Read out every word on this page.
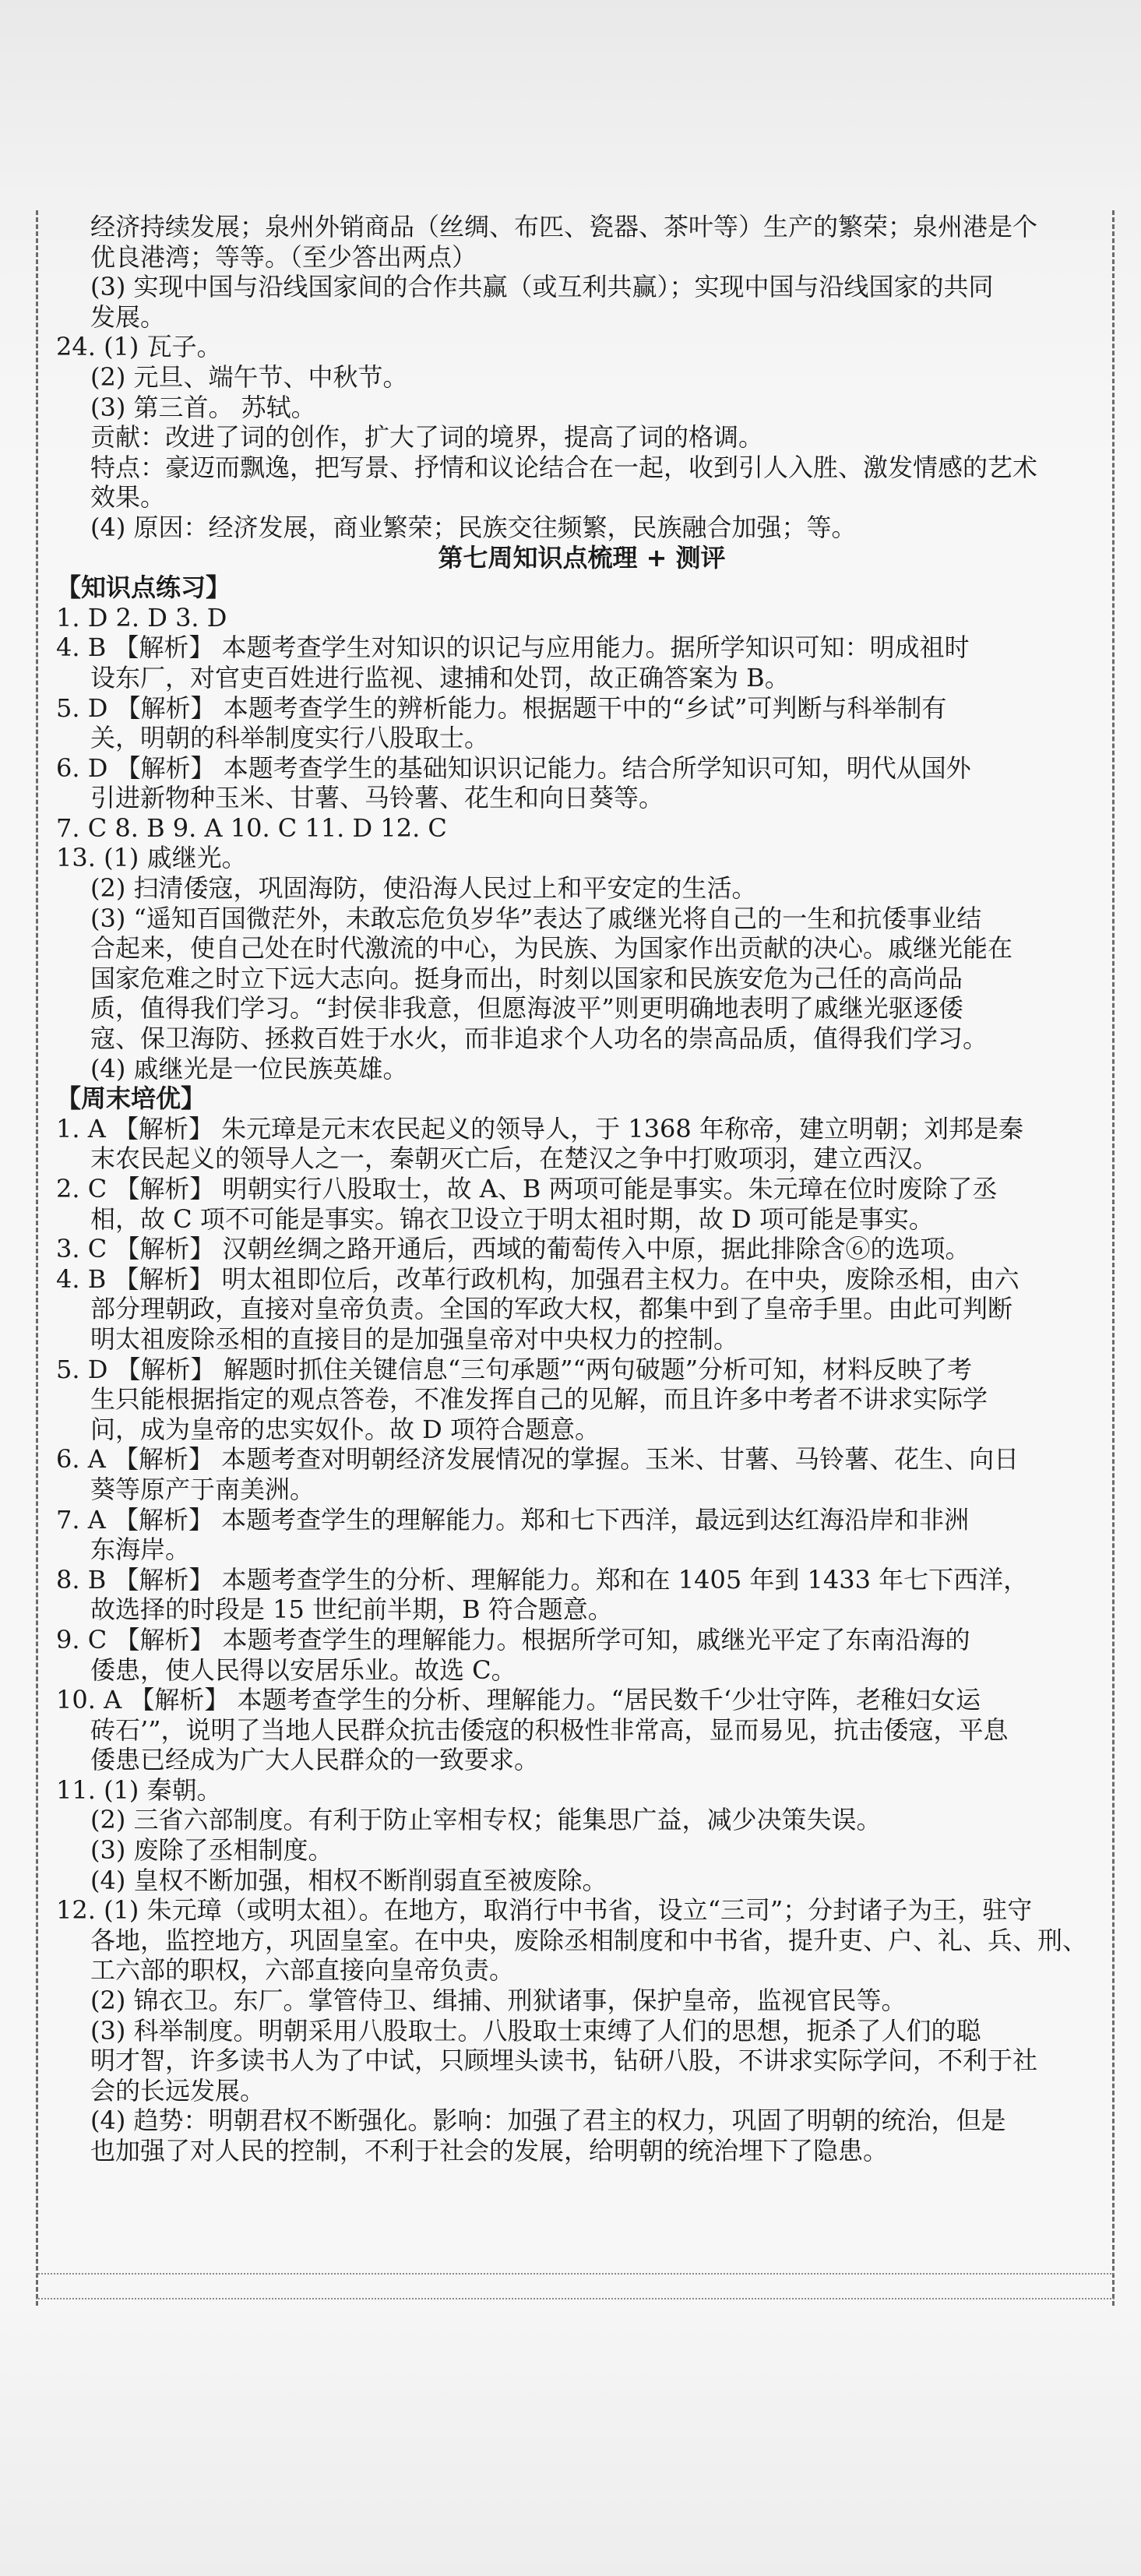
经济持续发展；泉州外销商品（丝绸、布匹、瓷器、茶叶等）生产的繁荣；泉州港是个
优良港湾；等等。（至少答出两点）
(3) 实现中国与沿线国家间的合作共赢（或互利共赢）；实现中国与沿线国家的共同
发展。
24. (1) 瓦子。
(2) 元旦、端午节、中秋节。
(3) 第三首。 苏轼。
贡献：改进了词的创作，扩大了词的境界，提高了词的格调。
特点：豪迈而飘逸，把写景、抒情和议论结合在一起，收到引人入胜、激发情感的艺术
效果。
(4) 原因：经济发展，商业繁荣；民族交往频繁，民族融合加强；等。
第七周知识点梳理 + 测评
【知识点练习】
1. D 2. D 3. D
4. B 【解析】 本题考查学生对知识的识记与应用能力。据所学知识可知：明成祖时
设东厂，对官吏百姓进行监视、逮捕和处罚，故正确答案为 B。
5. D 【解析】 本题考查学生的辨析能力。根据题干中的“乡试”可判断与科举制有
关，明朝的科举制度实行八股取士。
6. D 【解析】 本题考查学生的基础知识识记能力。结合所学知识可知，明代从国外
引进新物种玉米、甘薯、马铃薯、花生和向日葵等。
7. C 8. B 9. A 10. C 11. D 12. C
13. (1) 戚继光。
(2) 扫清倭寇，巩固海防，使沿海人民过上和平安定的生活。
(3) “遥知百国微茫外，未敢忘危负岁华”表达了戚继光将自己的一生和抗倭事业结
合起来，使自己处在时代激流的中心，为民族、为国家作出贡献的决心。戚继光能在
国家危难之时立下远大志向。挺身而出，时刻以国家和民族安危为己任的高尚品
质，值得我们学习。“封侯非我意，但愿海波平”则更明确地表明了戚继光驱逐倭
寇、保卫海防、拯救百姓于水火，而非追求个人功名的崇高品质，值得我们学习。
(4) 戚继光是一位民族英雄。
【周末培优】
1. A 【解析】 朱元璋是元末农民起义的领导人，于 1368 年称帝，建立明朝；刘邦是秦
末农民起义的领导人之一，秦朝灭亡后，在楚汉之争中打败项羽，建立西汉。
2. C 【解析】 明朝实行八股取士，故 A、B 两项可能是事实。朱元璋在位时废除了丞
相，故 C 项不可能是事实。锦衣卫设立于明太祖时期，故 D 项可能是事实。
3. C 【解析】 汉朝丝绸之路开通后，西域的葡萄传入中原，据此排除含⑥的选项。
4. B 【解析】 明太祖即位后，改革行政机构，加强君主权力。在中央，废除丞相，由六
部分理朝政，直接对皇帝负责。全国的军政大权，都集中到了皇帝手里。由此可判断
明太祖废除丞相的直接目的是加强皇帝对中央权力的控制。
5. D 【解析】 解题时抓住关键信息“三句承题”“两句破题”分析可知，材料反映了考
生只能根据指定的观点答卷，不准发挥自己的见解，而且许多中考者不讲求实际学
问，成为皇帝的忠实奴仆。故 D 项符合题意。
6. A 【解析】 本题考查对明朝经济发展情况的掌握。玉米、甘薯、马铃薯、花生、向日
葵等原产于南美洲。
7. A 【解析】 本题考查学生的理解能力。郑和七下西洋，最远到达红海沿岸和非洲
东海岸。
8. B 【解析】 本题考查学生的分析、理解能力。郑和在 1405 年到 1433 年七下西洋，
故选择的时段是 15 世纪前半期，B 符合题意。
9. C 【解析】 本题考查学生的理解能力。根据所学可知，戚继光平定了东南沿海的
倭患，使人民得以安居乐业。故选 C。
10. A 【解析】 本题考查学生的分析、理解能力。“居民数千‘少壮守阵，老稚妇女运
砖石’”，说明了当地人民群众抗击倭寇的积极性非常高，显而易见，抗击倭寇，平息
倭患已经成为广大人民群众的一致要求。
11. (1) 秦朝。
(2) 三省六部制度。有利于防止宰相专权；能集思广益，减少决策失误。
(3) 废除了丞相制度。
(4) 皇权不断加强，相权不断削弱直至被废除。
12. (1) 朱元璋（或明太祖）。在地方，取消行中书省，设立“三司”；分封诸子为王，驻守
各地，监控地方，巩固皇室。在中央，废除丞相制度和中书省，提升吏、户、礼、兵、刑、
工六部的职权，六部直接向皇帝负责。
(2) 锦衣卫。东厂。掌管侍卫、缉捕、刑狱诸事，保护皇帝，监视官民等。
(3) 科举制度。明朝采用八股取士。八股取士束缚了人们的思想，扼杀了人们的聪
明才智，许多读书人为了中试，只顾埋头读书，钻研八股，不讲求实际学问，不利于社
会的长远发展。
(4) 趋势：明朝君权不断强化。影响：加强了君主的权力，巩固了明朝的统治，但是
也加强了对人民的控制，不利于社会的发展，给明朝的统治埋下了隐患。
